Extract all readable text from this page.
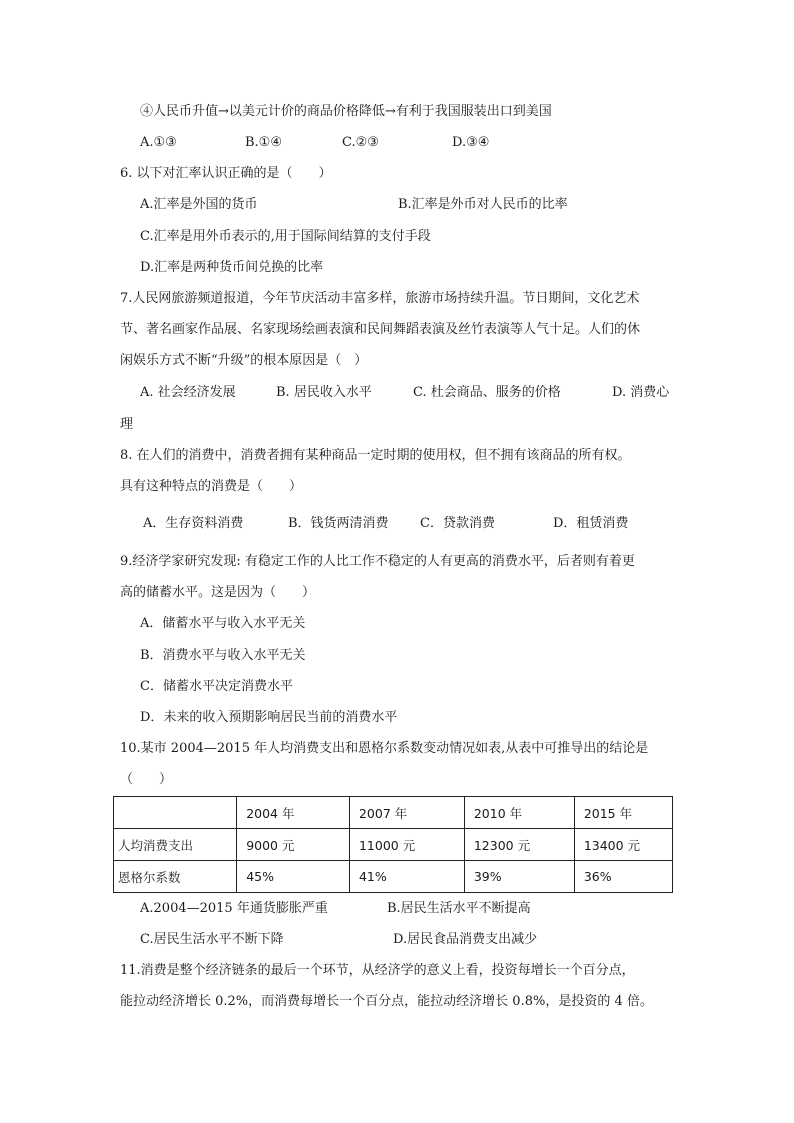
④人民币升值→以美元计价的商品价格降低→有利于我国服装出口到美国
A.①③	B.①④	C.②③	D.③④
6. 以下对汇率认识正确的是（　　）
A.汇率是外国的货币	B.汇率是外币对人民币的比率
C.汇率是用外币表示的,用于国际间结算的支付手段
D.汇率是两种货币间兑换的比率
7.人民网旅游频道报道，今年节庆活动丰富多样，旅游市场持续升温。节日期间，文化艺术
节、著名画家作品展、名家现场绘画表演和民间舞蹈表演及丝竹表演等人气十足。人们的休
闲娱乐方式不断“升级”的根本原因是（　）
A. 社会经济发展	B. 居民收入水平	C. 杜会商品、服务的价格	D. 消费心
理
8. 在人们的消费中，消费者拥有某种商品一定时期的使用权，但不拥有该商品的所有权。
具有这种特点的消费是（　　）
A．生存资料消费	B．钱货两清消费 C．贷款消费	D．租赁消费
9.经济学家研究发现: 有稳定工作的人比工作不稳定的人有更高的消费水平，后者则有着更
高的储蓄水平。这是因为（　　）
A．储蓄水平与收入水平无关
B．消费水平与收入水平无关
C．储蓄水平决定消费水平
D．未来的收入预期影响居民当前的消费水平
10.某市 2004—2015 年人均消费支出和恩格尔系数变动情况如表,从表中可推导出的结论是
（　　）
	2004 年	2007 年	2010 年	2015 年
人均消费支出	9000 元	11000 元	12300 元	13400 元
恩格尔系数	45%	41%	39%	36%
A.2004—2015 年通货膨胀严重	B.居民生活水平不断提高
C.居民生活水平不断下降	D.居民食品消费支出减少
11.消费是整个经济链条的最后一个环节，从经济学的意义上看，投资每增长一个百分点，
能拉动经济增长 0.2%，而消费每增长一个百分点，能拉动经济增长 0.8%，是投资的 4 倍。
